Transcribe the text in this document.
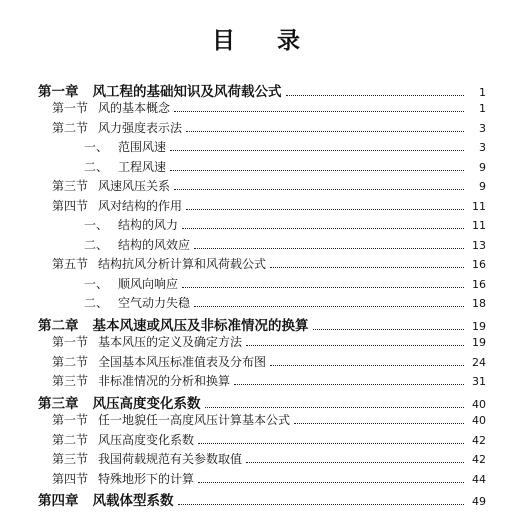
目 录
第一章 风工程的基础知识及风荷载公式	1
第一节 风的基本概念	1
第二节 风力强度表示法	3
一、 范围风速	3
二、 工程风速	9
第三节 风速风压关系	9
第四节 风对结构的作用	11
一、 结构的风力	11
二、 结构的风效应	13
第五节 结构抗风分析计算和风荷载公式	16
一、 顺风向响应	16
二、 空气动力失稳	18
第二章 基本风速或风压及非标准情况的换算	19
第一节 基本风压的定义及确定方法	19
第二节 全国基本风压标准值表及分布图	24
第三节 非标准情况的分析和换算	31
第三章 风压高度变化系数	40
第一节 任一地貌任一高度风压计算基本公式	40
第二节 风压高度变化系数	42
第三节 我国荷载规范有关参数取值	42
第四节 特殊地形下的计算	44
第四章 风载体型系数	49
